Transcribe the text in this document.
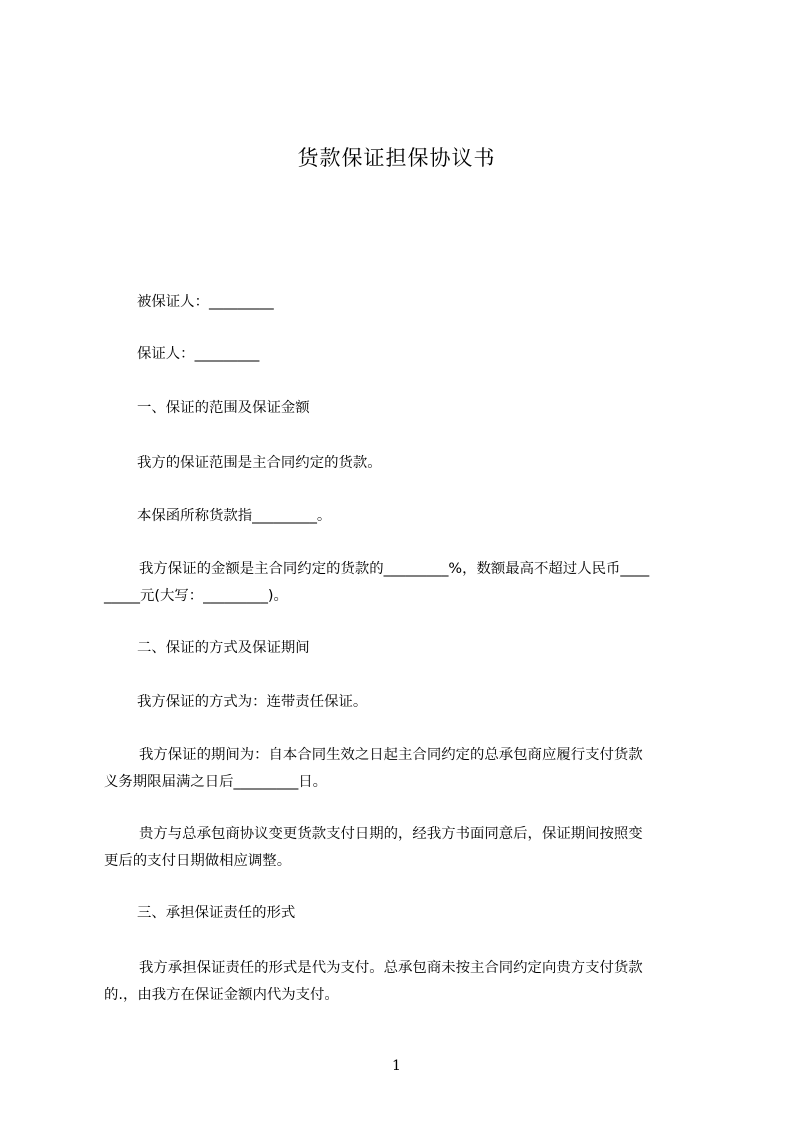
货款保证担保协议书
被保证人：_________
保证人：_________
一、保证的范围及保证金额
我方的保证范围是主合同约定的货款。
本保函所称货款指_________。
我方保证的金额是主合同约定的货款的_________%，数额最高不超过人民币____
_____元(大写：_________)。
二、保证的方式及保证期间
我方保证的方式为：连带责任保证。
我方保证的期间为：自本合同生效之日起主合同约定的总承包商应履行支付货款
义务期限届满之日后_________日。
贵方与总承包商协议变更货款支付日期的，经我方书面同意后，保证期间按照变
更后的支付日期做相应调整。
三、承担保证责任的形式
我方承担保证责任的形式是代为支付。总承包商未按主合同约定向贵方支付货款
的.，由我方在保证金额内代为支付。
1
